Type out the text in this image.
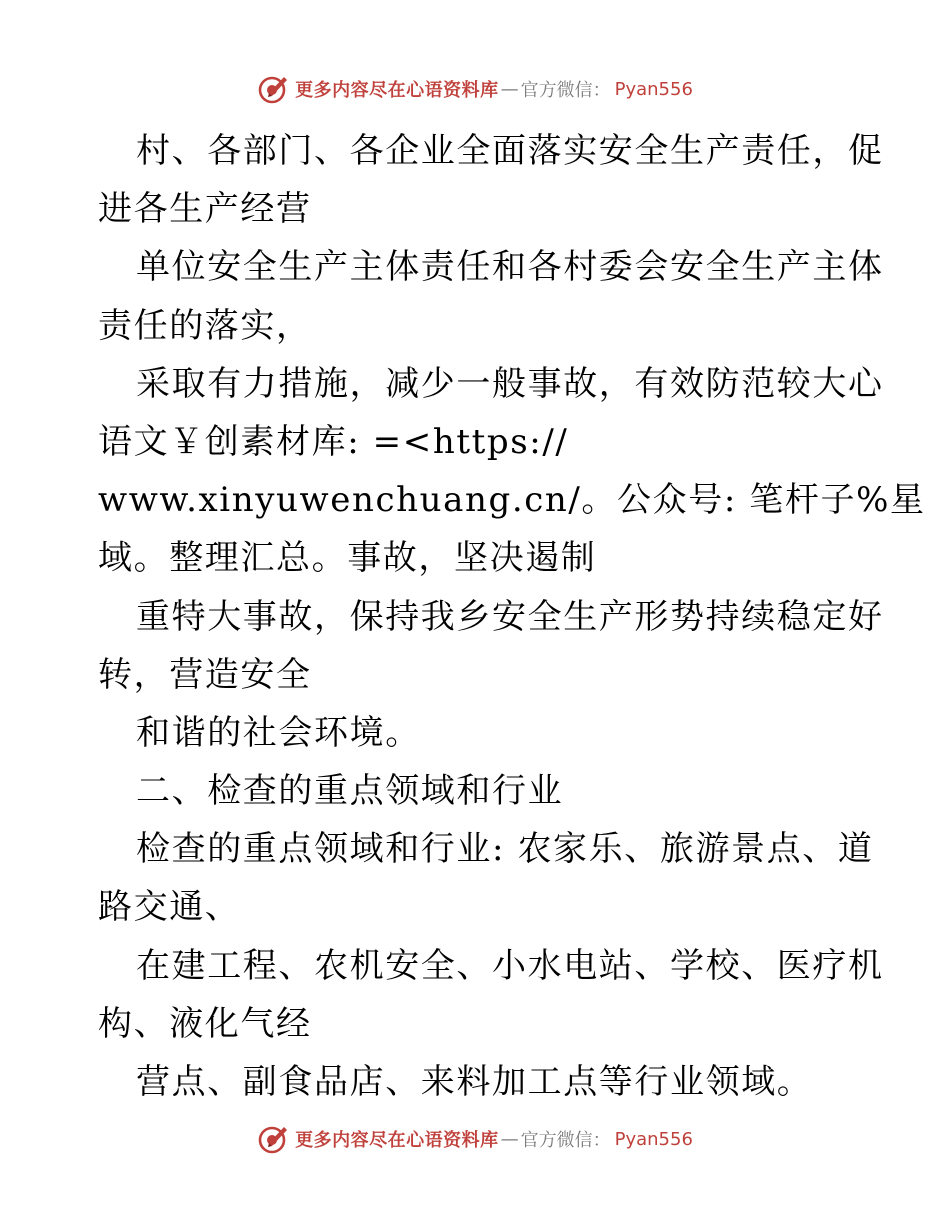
更多内容尽在心语资料库 — 官方微信： Pyan556
村、各部门、各企业全面落实安全生产责任，促
进各生产经营
单位安全生产主体责任和各村委会安全生产主体
责任的落实，
采取有力措施，减少一般事故，有效防范较大心
语文￥创素材库: =<https://
www.xinyuwenchuang.cn/。公众号: 笔杆子%星
域。整理汇总。事故，坚决遏制
重特大事故，保持我乡安全生产形势持续稳定好
转，营造安全
和谐的社会环境。
二、检查的重点领域和行业
检查的重点领域和行业: 农家乐、旅游景点、道
路交通、
在建工程、农机安全、小水电站、学校、医疗机
构、液化气经
营点、副食品店、来料加工点等行业领域。
更多内容尽在心语资料库 — 官方微信： Pyan556
